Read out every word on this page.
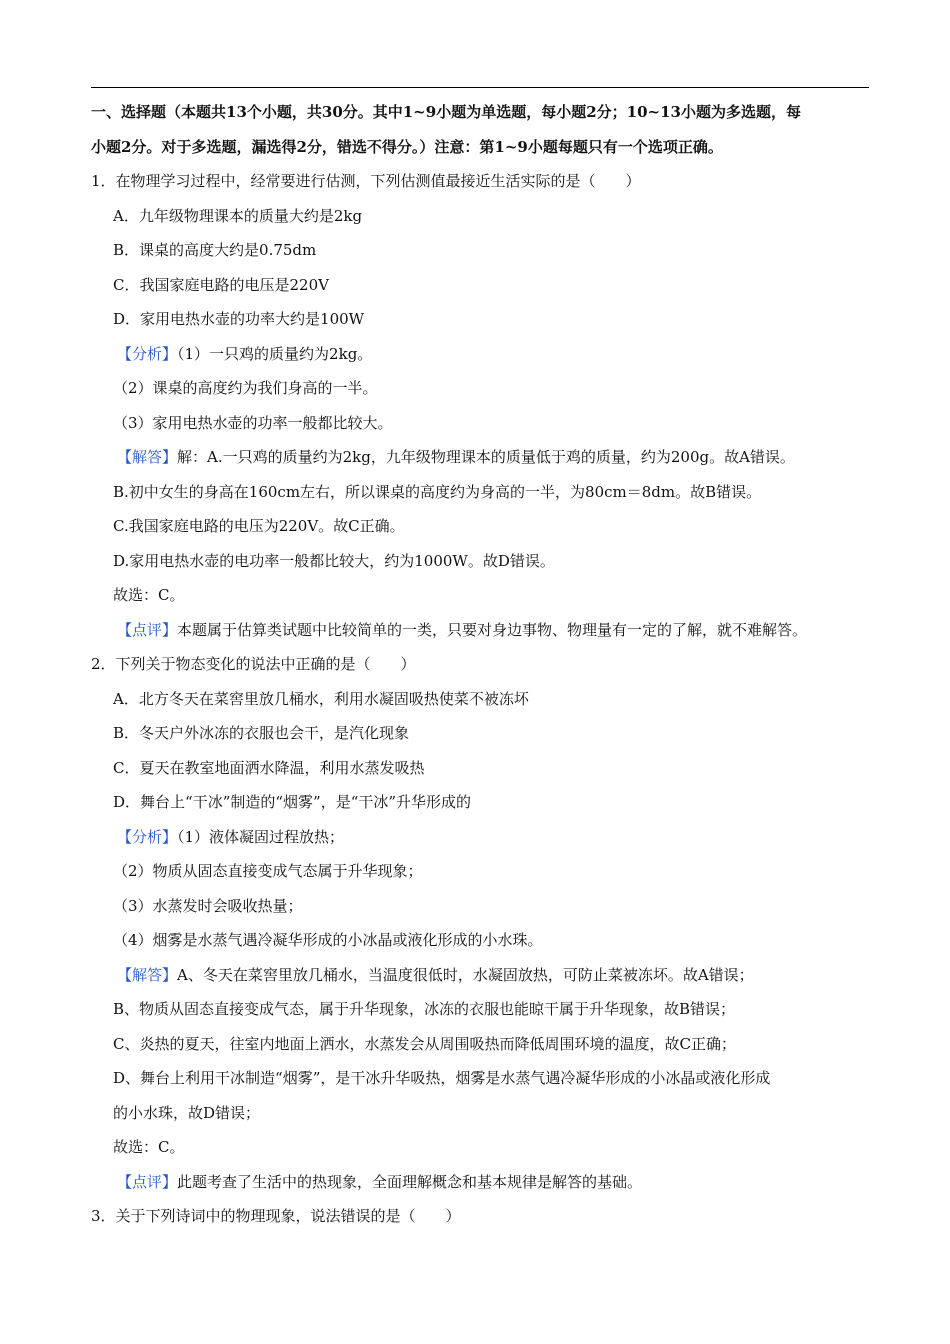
一、选择题（本题共13个小题，共30分。其中1~9小题为单选题，每小题2分；10~13小题为多选题，每
小题2分。对于多选题，漏选得2分，错选不得分。）注意：第1~9小题每题只有一个选项正确。
1．在物理学习过程中，经常要进行估测，下列估测值最接近生活实际的是（　　）
A．九年级物理课本的质量大约是2kg
B．课桌的高度大约是0.75dm
C．我国家庭电路的电压是220V
D．家用电热水壶的功率大约是100W
【分析】（1）一只鸡的质量约为2kg。
（2）课桌的高度约为我们身高的一半。
（3）家用电热水壶的功率一般都比较大。
【解答】解：A.一只鸡的质量约为2kg，九年级物理课本的质量低于鸡的质量，约为200g。故A错误。
B.初中女生的身高在160cm左右，所以课桌的高度约为身高的一半，为80cm＝8dm。故B错误。
C.我国家庭电路的电压为220V。故C正确。
D.家用电热水壶的电功率一般都比较大，约为1000W。故D错误。
故选：C。
【点评】本题属于估算类试题中比较简单的一类，只要对身边事物、物理量有一定的了解，就不难解答。
2．下列关于物态变化的说法中正确的是（　　）
A．北方冬天在菜窖里放几桶水，利用水凝固吸热使菜不被冻坏
B．冬天户外冰冻的衣服也会干，是汽化现象
C．夏天在教室地面洒水降温，利用水蒸发吸热
D．舞台上“干冰”制造的“烟雾”，是“干冰”升华形成的
【分析】（1）液体凝固过程放热；
（2）物质从固态直接变成气态属于升华现象；
（3）水蒸发时会吸收热量；
（4）烟雾是水蒸气遇冷凝华形成的小冰晶或液化形成的小水珠。
【解答】A、冬天在菜窖里放几桶水，当温度很低时，水凝固放热，可防止菜被冻坏。故A错误；
B、物质从固态直接变成气态，属于升华现象，冰冻的衣服也能晾干属于升华现象，故B错误；
C、炎热的夏天，往室内地面上洒水，水蒸发会从周围吸热而降低周围环境的温度，故C正确；
D、舞台上利用干冰制造“烟雾”，是干冰升华吸热，烟雾是水蒸气遇冷凝华形成的小冰晶或液化形成
的小水珠，故D错误；
故选：C。
【点评】此题考查了生活中的热现象，全面理解概念和基本规律是解答的基础。
3．关于下列诗词中的物理现象，说法错误的是（　　）
